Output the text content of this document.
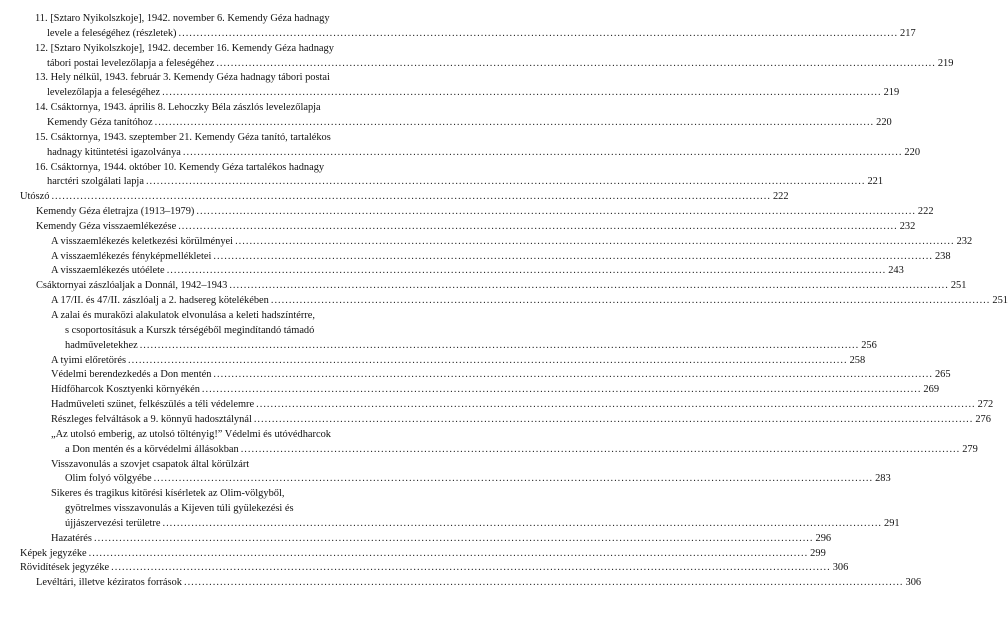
11. [Sztaro Nyikolszkoje], 1942. november 6. Kemendy Géza hadnagy
levele a feleségéhez (részletek) ........................................................................................................................................................................................................ 217
12. [Sztaro Nyikolszkoje], 1942. december 16. Kemendy Géza hadnagy
tábori postai levelezőlapja a feleségéhez ........................................................................................................................................................................................................ 219
13. Hely nélkül, 1943. február 3. Kemendy Géza hadnagy tábori postai
levelezőlapja a feleségéhez ........................................................................................................................................................................................................ 219
14. Csáktornya, 1943. április 8. Lehoczky Béla zászlós levelezőlapja
Kemendy Géza tanítóhoz ........................................................................................................................................................................................................ 220
15. Csáktornya, 1943. szeptember 21. Kemendy Géza tanító, tartalékos
hadnagy kitüntetési igazolványa ........................................................................................................................................................................................................ 220
16. Csáktornya, 1944. október 10. Kemendy Géza tartalékos hadnagy
harctéri szolgálati lapja ........................................................................................................................................................................................................ 221
Utószó ........................................................................................................................................................................................................ 222
Kemendy Géza életrajza (1913–1979) ........................................................................................................................................................................................................ 222
Kemendy Géza visszaemlékezése ........................................................................................................................................................................................................ 232
A visszaemlékezés keletkezési körülményei ........................................................................................................................................................................................................ 232
A visszaemlékezés fényképmellékletei ........................................................................................................................................................................................................ 238
A visszaemlékezés utóélete ........................................................................................................................................................................................................ 243
Csáktornyai zászlóaljak a Donnál, 1942–1943 ........................................................................................................................................................................................................ 251
A 17/II. és 47/II. zászlóalj a 2. hadsereg kötelékében ........................................................................................................................................................................................................ 251
A zalai és muraközi alakulatok elvonulása a keleti hadszíntérre,
s csoportosításuk a Kurszk térségéből megindítandó támadó
hadműveletekhez ........................................................................................................................................................................................................ 256
A tyimi előretörés ........................................................................................................................................................................................................ 258
Védelmi berendezkedés a Don mentén ........................................................................................................................................................................................................ 265
Hídfőharcok Kosztyenki környékén ........................................................................................................................................................................................................ 269
Hadműveleti szünet, felkészülés a téli védelemre ........................................................................................................................................................................................................ 272
Részleges felváltások a 9. könnyű hadosztálynál ........................................................................................................................................................................................................ 276
„Az utolsó emberig, az utolsó töltényig!” Védelmi és utóvédharcok
a Don mentén és a körvédelmi állásokban ........................................................................................................................................................................................................ 279
Visszavonulás a szovjet csapatok által körülzárt
Olim folyó völgyébe ........................................................................................................................................................................................................ 283
Sikeres és tragikus kitörési kísérletek az Olim-völgyből,
gyötrelmes visszavonulás a Kijeven túli gyülekezési és
újjászervezési területre ........................................................................................................................................................................................................ 291
Hazatérés ........................................................................................................................................................................................................ 296
Képek jegyzéke ........................................................................................................................................................................................................ 299
Rövidítések jegyzéke ........................................................................................................................................................................................................ 306
Levéltári, illetve kéziratos források ........................................................................................................................................................................................................ 306
